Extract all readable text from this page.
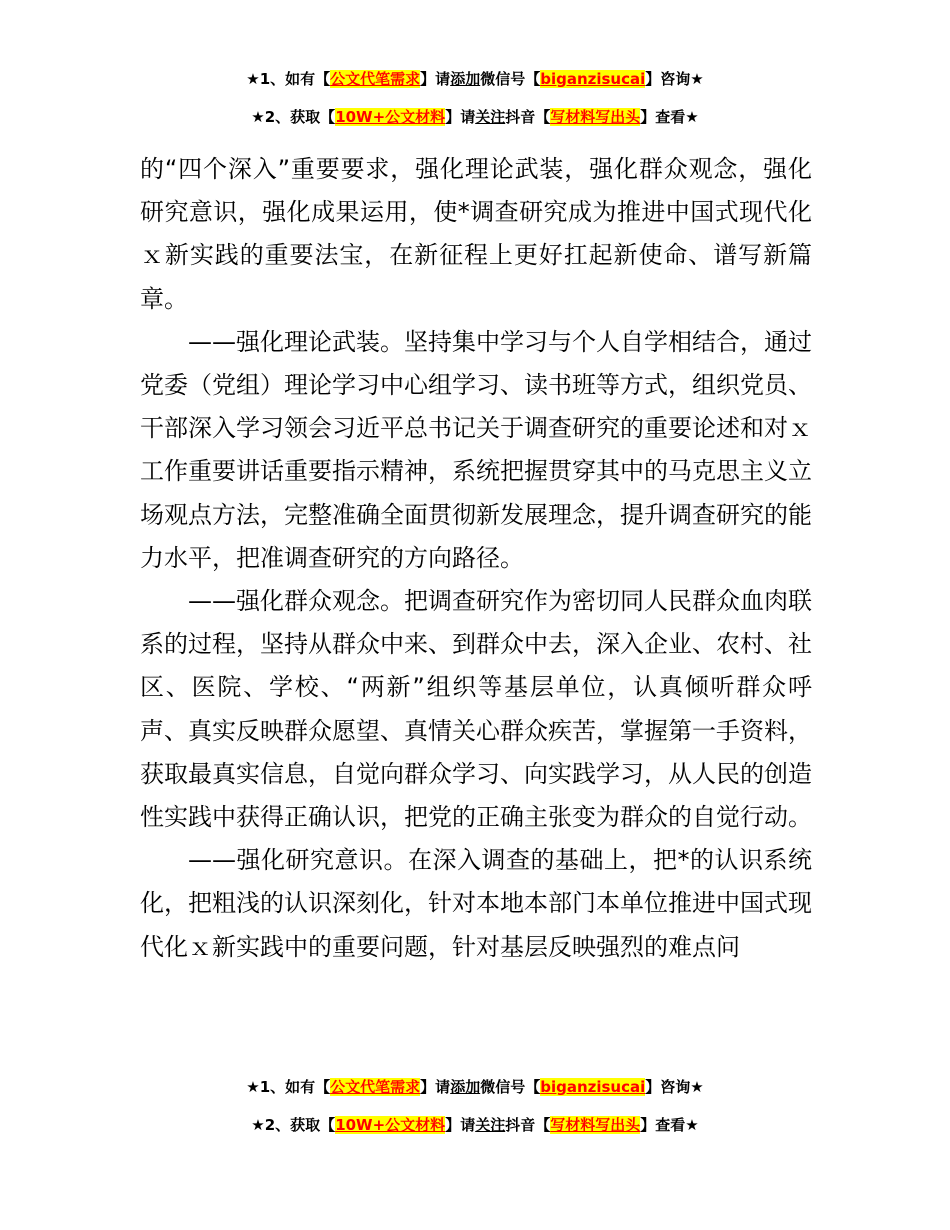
★1、如有【公文代笔需求】请添加微信号【biganzisucai】咨询★
★2、获取【10W+公文材料】请关注抖音【写材料写出头】查看★

的“四个深入”重要要求，强化理论武装，强化群众观念，强化研究意识，强化成果运用，使*调查研究成为推进中国式现代化ｘ新实践的重要法宝，在新征程上更好扛起新使命、谱写新篇章。

——强化理论武装。坚持集中学习与个人自学相结合，通过党委（党组）理论学习中心组学习、读书班等方式，组织党员、干部深入学习领会习近平总书记关于调查研究的重要论述和对ｘ工作重要讲话重要指示精神，系统把握贯穿其中的马克思主义立场观点方法，完整准确全面贯彻新发展理念，提升调查研究的能力水平，把准调查研究的方向路径。

——强化群众观念。把调查研究作为密切同人民群众血肉联系的过程，坚持从群众中来、到群众中去，深入企业、农村、社区、医院、学校、“两新”组织等基层单位，认真倾听群众呼声、真实反映群众愿望、真情关心群众疾苦，掌握第一手资料，获取最真实信息，自觉向群众学习、向实践学习，从人民的创造性实践中获得正确认识，把党的正确主张变为群众的自觉行动。

——强化研究意识。在深入调查的基础上，把*的认识系统化，把粗浅的认识深刻化，针对本地本部门本单位推进中国式现代化ｘ新实践中的重要问题，针对基层反映强烈的难点问

★1、如有【公文代笔需求】请添加微信号【biganzisucai】咨询★
★2、获取【10W+公文材料】请关注抖音【写材料写出头】查看★
